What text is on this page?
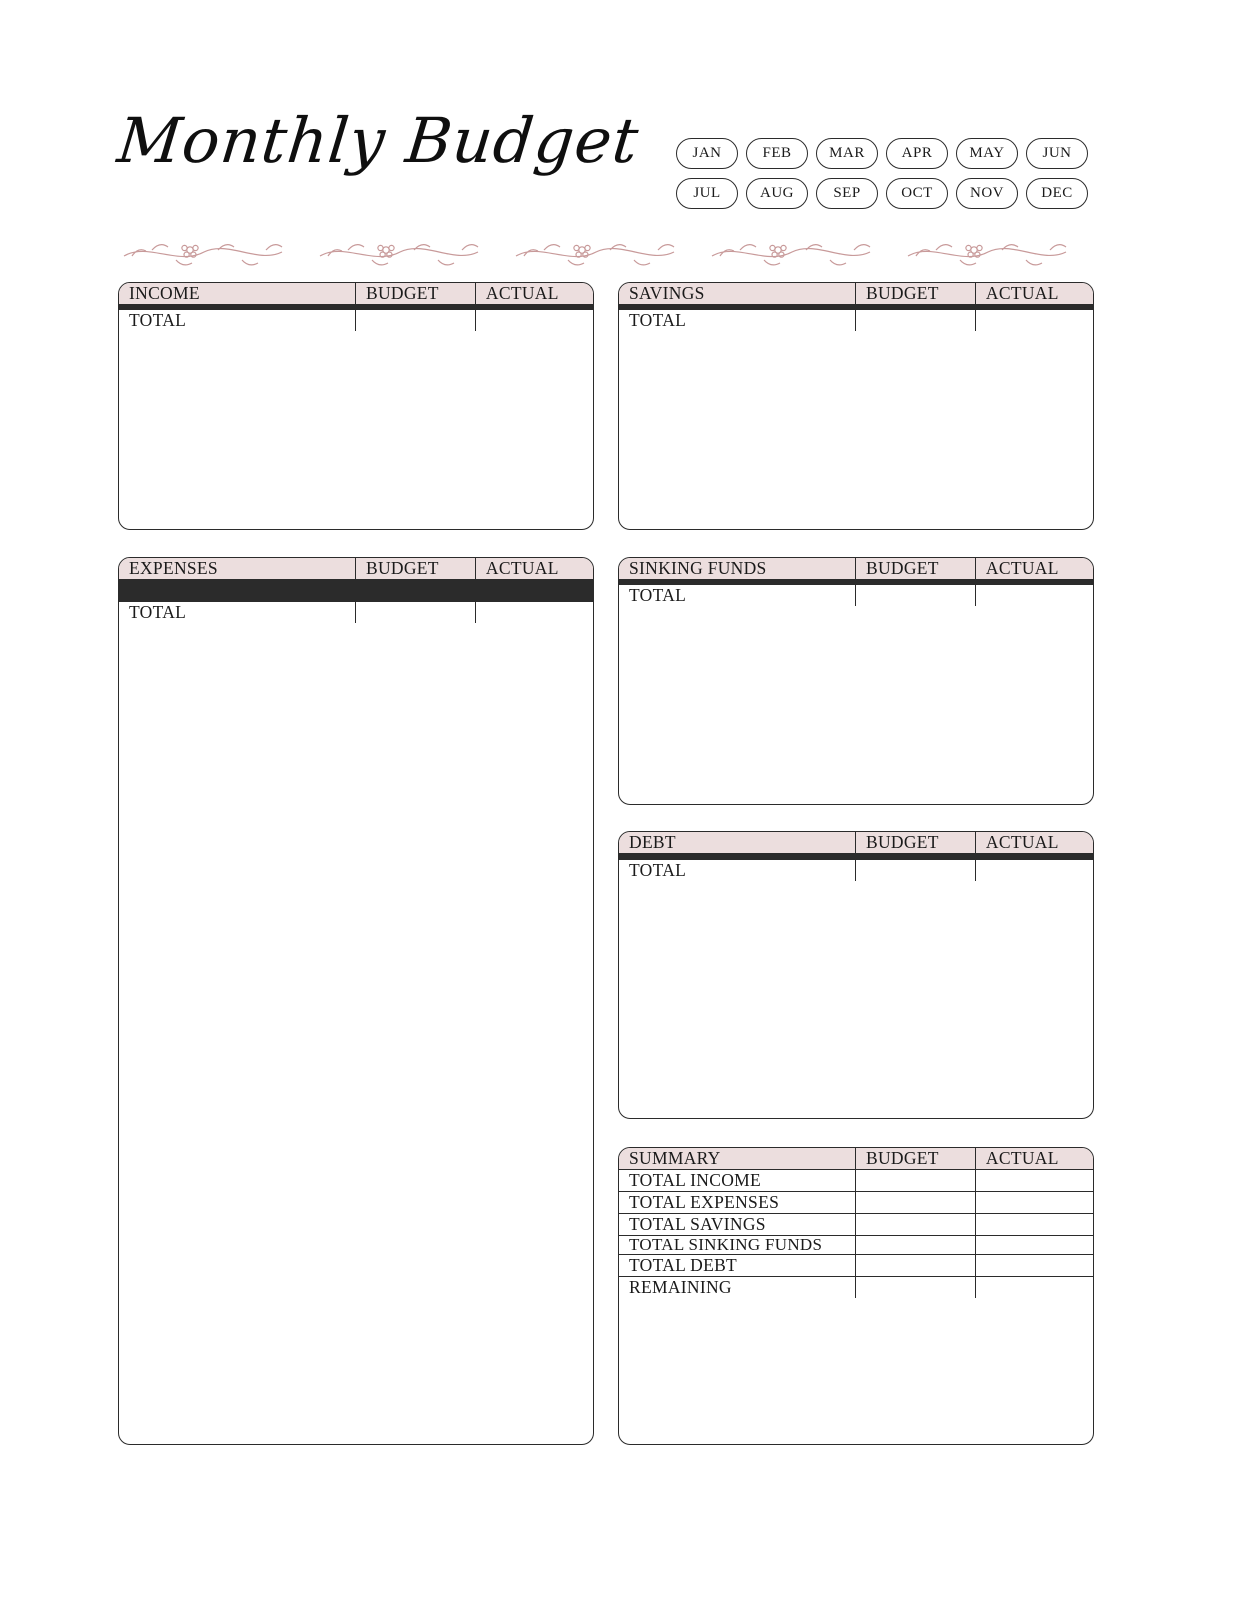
Monthly Budget	JAN	FEB	MAR	APR	MAY	JUN
JUL	AUG	SEP	OCT	NOV	DEC
INCOME	BUDGET	ACTUAL
TOTAL
SAVINGS	BUDGET	ACTUAL
TOTAL
EXPENSES	BUDGET	ACTUAL
TOTAL
SINKING FUNDS	BUDGET	ACTUAL
TOTAL
DEBT	BUDGET	ACTUAL
TOTAL
SUMMARY	BUDGET	ACTUAL
TOTAL INCOME
TOTAL EXPENSES
TOTAL SAVINGS
TOTAL SINKING FUNDS
TOTAL DEBT
REMAINING
